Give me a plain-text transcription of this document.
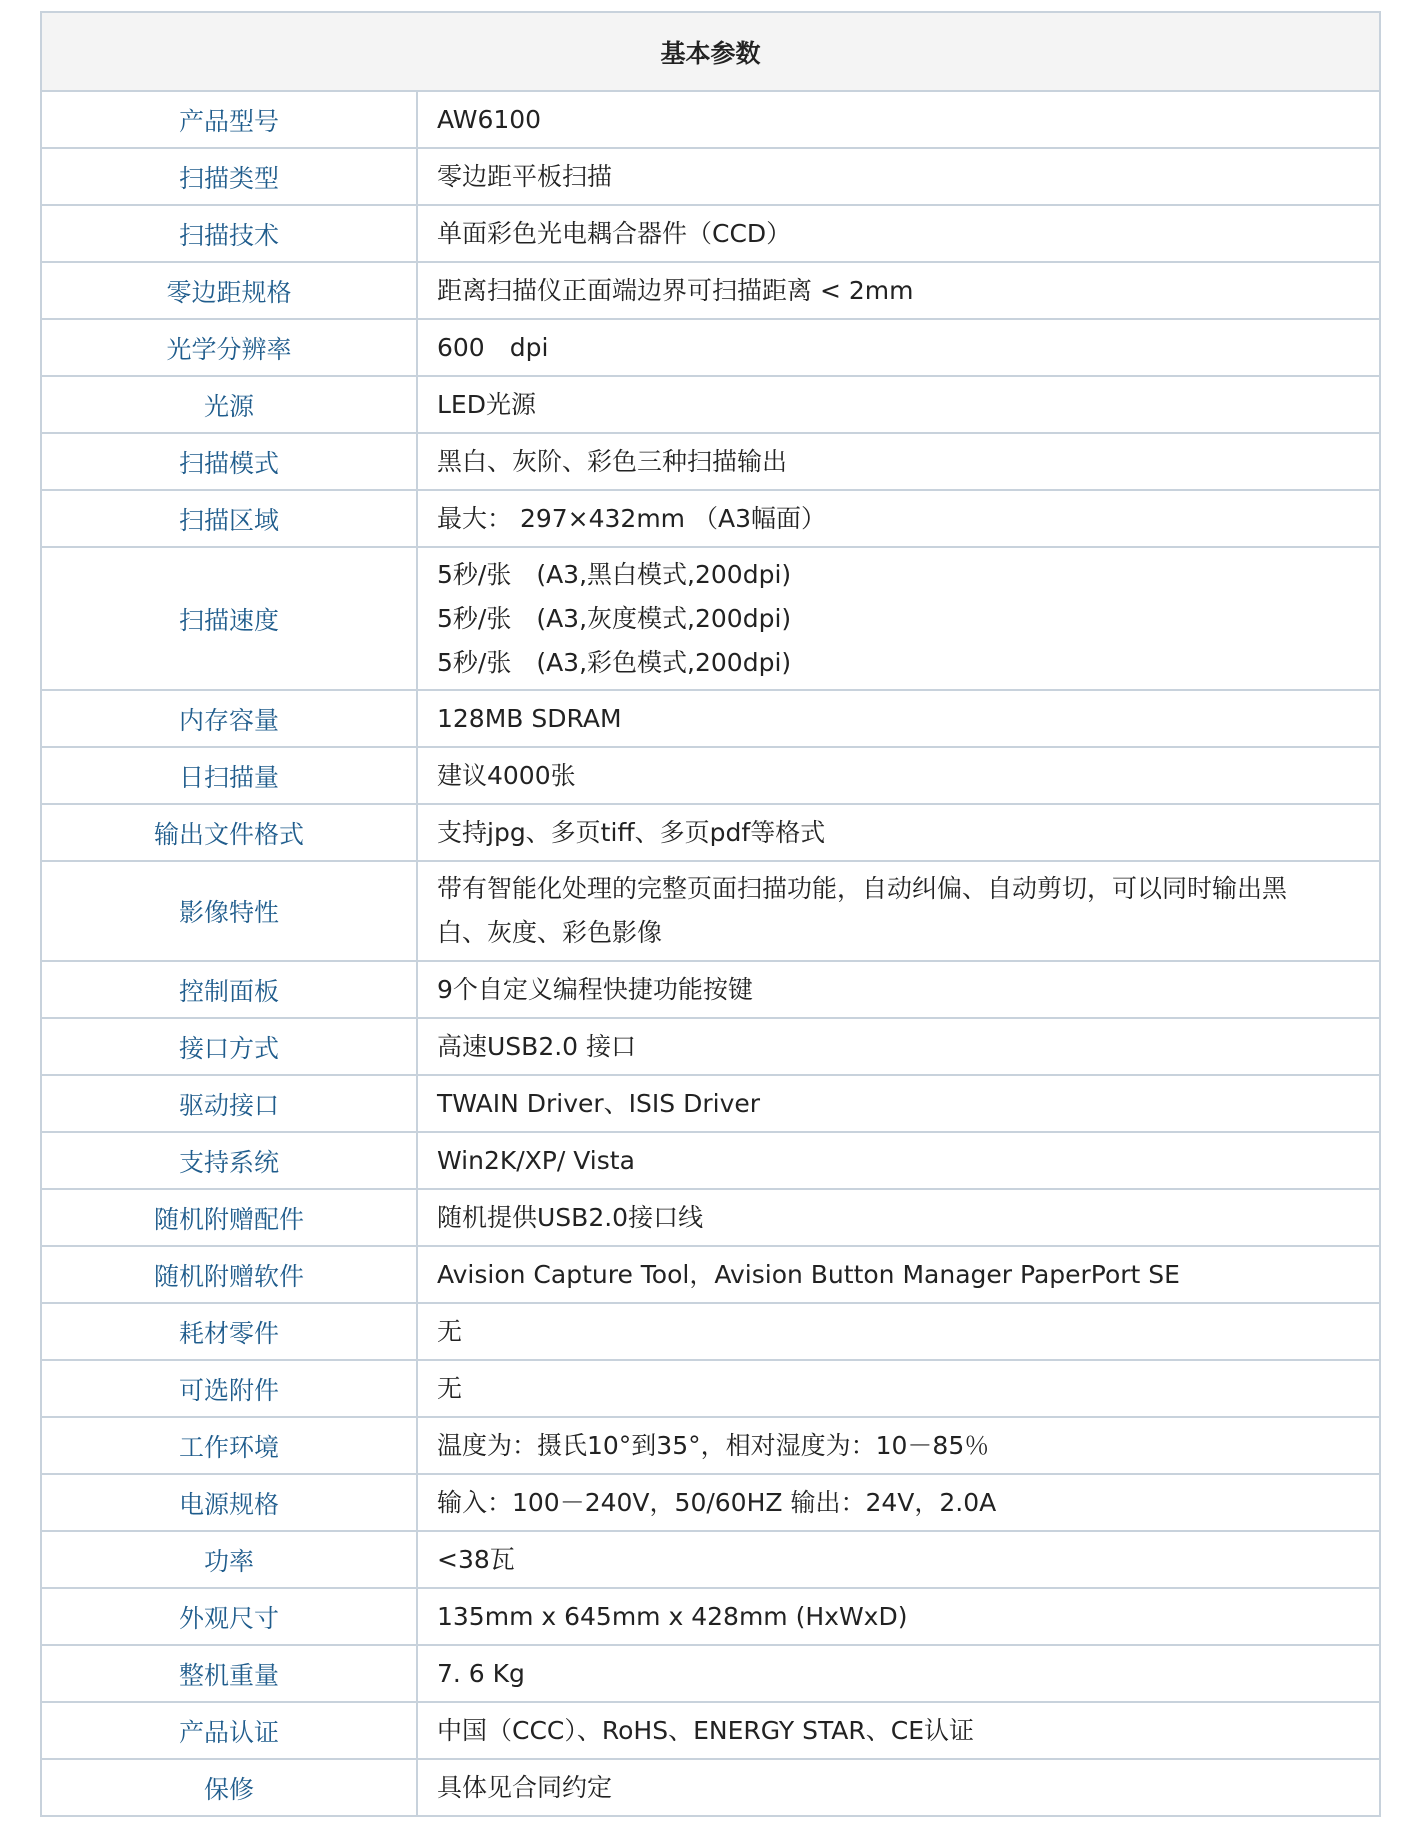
基本参数	
产品型号	AW6100

扫描类型	零边距平板扫描

扫描技术	单面彩色光电耦合器件（CCD）

零边距规格	距离扫描仪正面端边界可扫描距离 < 2mm

光学分辨率	600　dpi

光源	LED光源

扫描模式	黑白、灰阶、彩色三种扫描输出

扫描区域	最大： 297×432mm （A3幅面）

扫描速度	5秒/张　(A3,黑白模式,200dpi)
5秒/张　(A3,灰度模式,200dpi)
5秒/张　(A3,彩色模式,200dpi)

内存容量	128MB SDRAM

日扫描量	建议4000张

输出文件格式	支持jpg、多页tiff、多页pdf等格式

影像特性	带有智能化处理的完整页面扫描功能，自动纠偏、自动剪切，可以同时输出黑
白、灰度、彩色影像

控制面板	9个自定义编程快捷功能按键

接口方式	高速USB2.0 接口

驱动接口	TWAIN Driver、ISIS Driver

支持系统	Win2K/XP/ Vista

随机附赠配件	随机提供USB2.0接口线

随机附赠软件	Avision Capture Tool，Avision Button Manager PaperPort SE

耗材零件	无

可选附件	无

工作环境	温度为：摄氏10°到35°，相对湿度为：10－85％

电源规格	输入：100－240V，50/60HZ 输出：24V，2.0A

功率	<38瓦

外观尺寸	135mm x 645mm x 428mm (HxWxD)

整机重量	7. 6 Kg

产品认证	中国（CCC）、RoHS、ENERGY STAR、CE认证

保修	具体见合同约定
